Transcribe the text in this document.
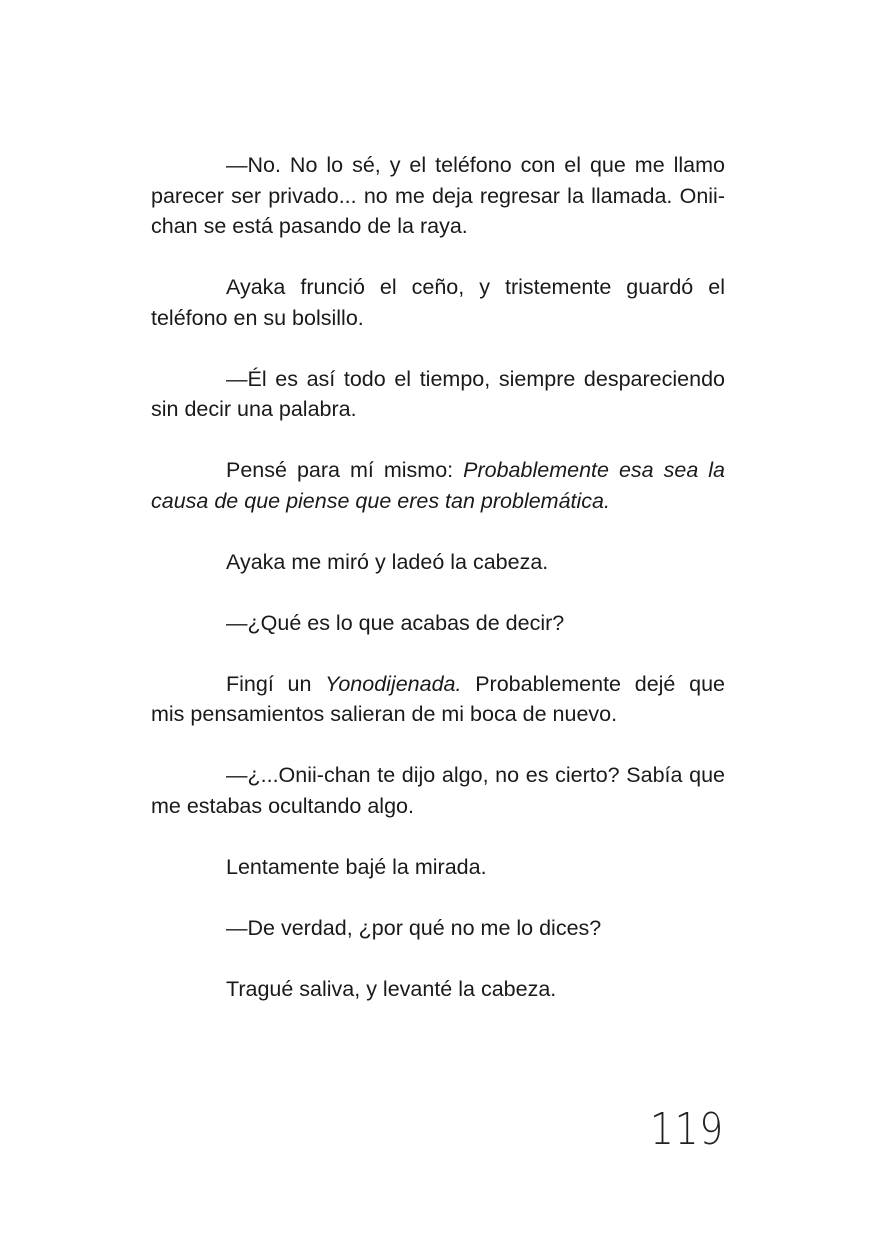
—No. No lo sé, y el teléfono con el que me llamo parecer ser privado... no me deja regresar la llamada. Onii-chan se está pasando de la raya.

Ayaka frunció el ceño, y tristemente guardó el teléfono en su bolsillo.

—Él es así todo el tiempo, siempre despareciendo sin decir una palabra.

Pensé para mí mismo: Probablemente esa sea la causa de que piense que eres tan problemática.

Ayaka me miró y ladeó la cabeza.

—¿Qué es lo que acabas de decir?

Fingí un Yonodijenada. Probablemente dejé que mis pensamientos salieran de mi boca de nuevo.

—¿...Onii-chan te dijo algo, no es cierto? Sabía que me estabas ocultando algo.

Lentamente bajé la mirada.

—De verdad, ¿por qué no me lo dices?

Tragué saliva, y levanté la cabeza.

119
